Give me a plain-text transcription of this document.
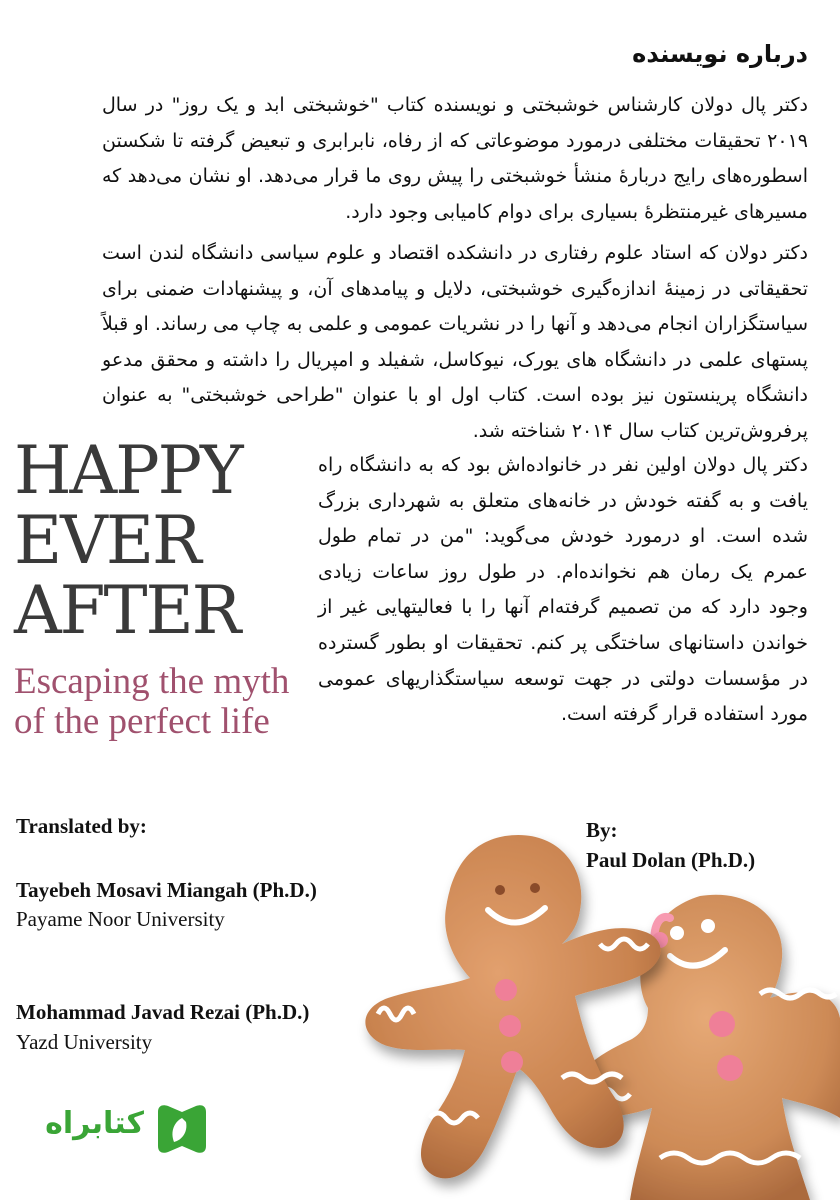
درباره نویسنده

دکتر پال دولان کارشناس خوشبختی و نویسنده کتاب "خوشبختی ابد و یک روز" در سال ۲۰۱۹ تحقیقات مختلفی درمورد موضوعاتی که از رفاه، نابرابری و تبعیض گرفته تا شکستن اسطوره‌های رایج دربارهٔ منشأ خوشبختی را پیش روی ما قرار می‌دهد. او نشان می‌دهد که مسیرهای غیرمنتظرهٔ بسیاری برای دوام کامیابی وجود دارد.

دکتر دولان که استاد علوم رفتاری در دانشکده اقتصاد و علوم سیاسی دانشگاه لندن است تحقیقاتی در زمینهٔ اندازه‌گیری خوشبختی، دلایل و پیامدهای آن، و پیشنهادات ضمنی برای سیاستگزاران انجام می‌دهد و آنها را در نشریات عمومی و علمی به چاپ می رساند. او قبلاً پستهای علمی در دانشگاه های یورک، نیوکاسل، شفیلد و امپریال را داشته و محقق مدعو دانشگاه پرینستون نیز بوده است. کتاب اول او با عنوان "طراحی خوشبختی" به عنوان پرفروش‌ترین کتاب سال ۲۰۱۴ شناخته شد.

دکتر پال دولان اولین نفر در خانواده‌اش بود که به دانشگاه راه یافت و به گفته خودش در خانه‌های متعلق به شهرداری بزرگ شده است. او درمورد خودش می‌گوید: "من در تمام طول عمرم یک رمان هم نخوانده‌ام. در طول روز ساعات زیادی وجود دارد که من تصمیم گرفته‌ام آنها را با فعالیتهایی غیر از خواندن داستانهای ساختگی پر کنم. تحقیقات او بطور گسترده در مؤسسات دولتی در جهت توسعه سیاستگذاریهای عمومی مورد استفاده قرار گرفته است.

HAPPY
EVER
AFTER
Escaping the myth
of the perfect life
Translated by:
Tayebeh Mosavi Miangah (Ph.D.)
Payame Noor University
Mohammad Javad Rezai (Ph.D.)
Yazd University
By:
Paul Dolan (Ph.D.)
کتابراه
